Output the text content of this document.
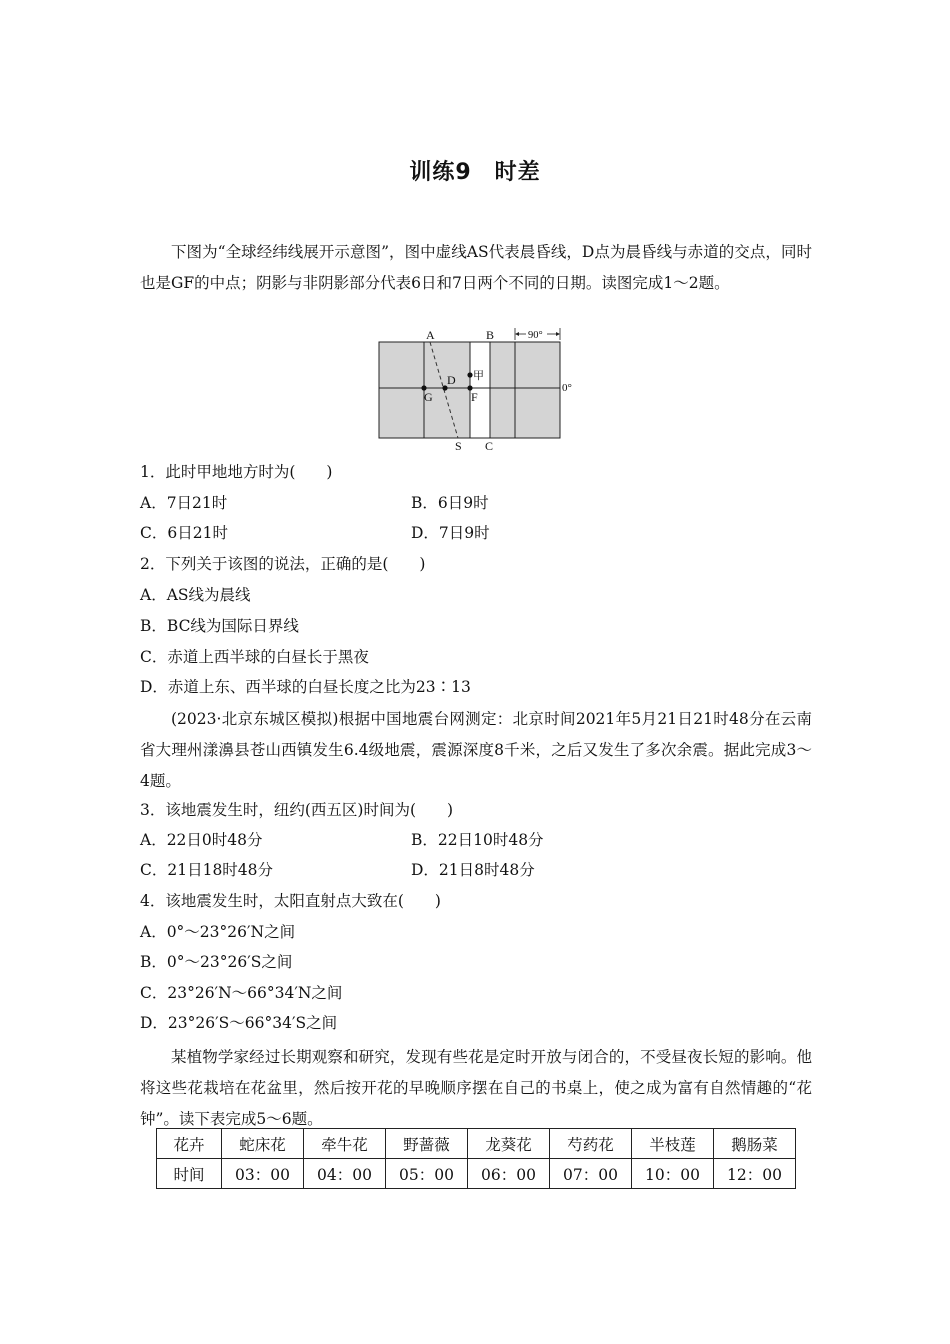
训练9　时差
下图为“全球经纬线展开示意图”，图中虚线AS代表晨昏线，D点为晨昏线与赤道的交点，同时也是GF的中点；阴影与非阴影部分代表6日和7日两个不同的日期。读图完成1～2题。
A	B	90°
甲
D
G	F
0°
S C
1．此时甲地地方时为(　　)
A．7日21时	B．6日9时
C．6日21时	D．7日9时
2．下列关于该图的说法，正确的是(　　)
A．AS线为晨线
B．BC线为国际日界线
C．赤道上西半球的白昼长于黑夜
D．赤道上东、西半球的白昼长度之比为23∶13
(2023·北京东城区模拟)根据中国地震台网测定：北京时间2021年5月21日21时48分在云南省大理州漾濞县苍山西镇发生6.4级地震，震源深度8千米，之后又发生了多次余震。据此完成3～4题。
3．该地震发生时，纽约(西五区)时间为(　　)
A．22日0时48分	B．22日10时48分
C．21日18时48分	D．21日8时48分
4．该地震发生时，太阳直射点大致在(　　)
A．0°～23°26′N之间
B．0°～23°26′S之间
C．23°26′N～66°34′N之间
D．23°26′S～66°34′S之间
某植物学家经过长期观察和研究，发现有些花是定时开放与闭合的，不受昼夜长短的影响。他将这些花栽培在花盆里，然后按开花的早晚顺序摆在自己的书桌上，使之成为富有自然情趣的“花钟”。读下表完成5～6题。
花卉	蛇床花	牵牛花	野蔷薇	龙葵花	芍药花	半枝莲	鹅肠菜
时间	03：00	04：00	05：00	06：00	07：00	10：00	12：00
